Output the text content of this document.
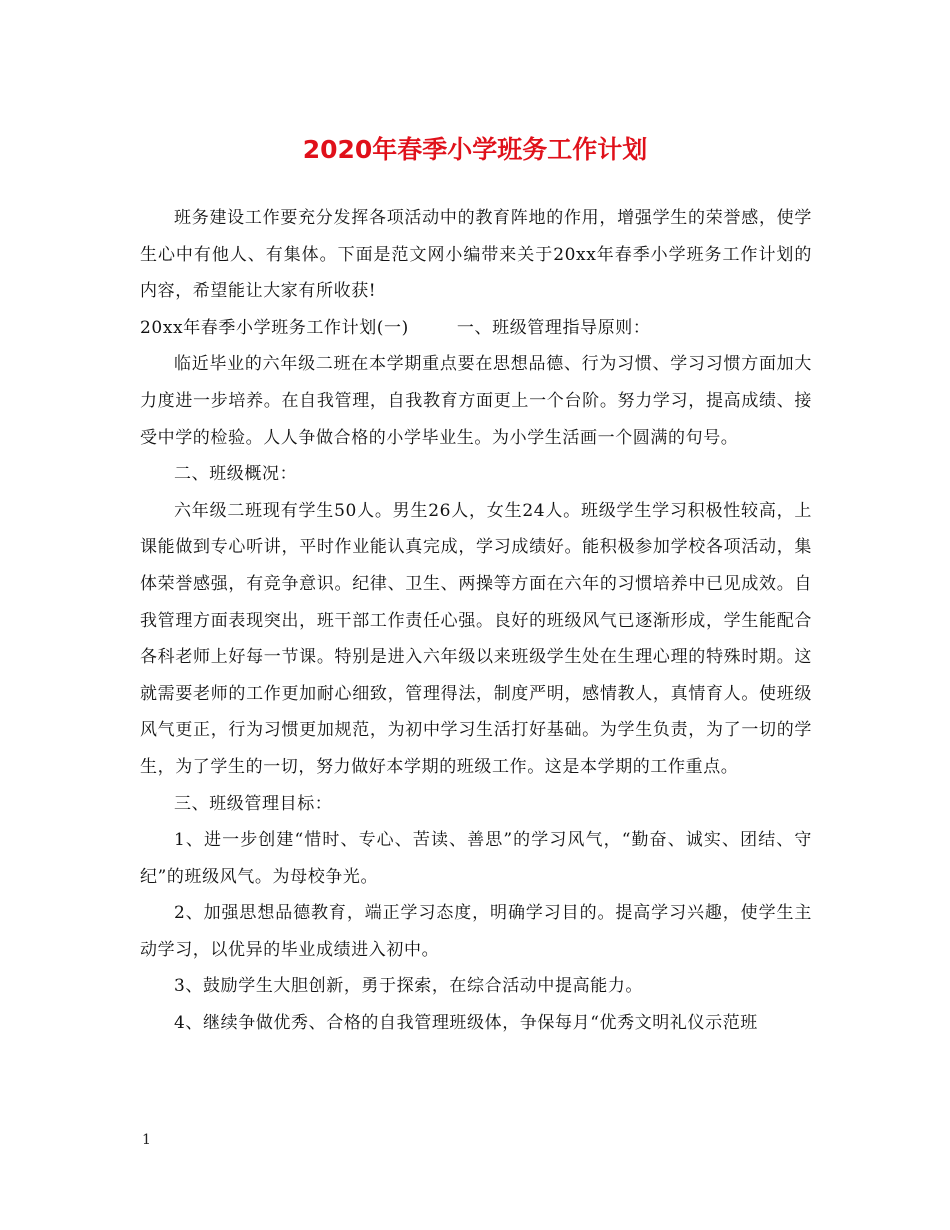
2020年春季小学班务工作计划

班务建设工作要充分发挥各项活动中的教育阵地的作用，增强学生的荣誉感，使学生心中有他人、有集体。下面是范文网小编带来关于20xx年春季小学班务工作计划的内容，希望能让大家有所收获!

20xx年春季小学班务工作计划(一)        一、班级管理指导原则：

临近毕业的六年级二班在本学期重点要在思想品德、行为习惯、学习习惯方面加大力度进一步培养。在自我管理，自我教育方面更上一个台阶。努力学习，提高成绩、接受中学的检验。人人争做合格的小学毕业生。为小学生活画一个圆满的句号。

二、班级概况：

六年级二班现有学生50人。男生26人，女生24人。班级学生学习积极性较高，上课能做到专心听讲，平时作业能认真完成，学习成绩好。能积极参加学校各项活动，集体荣誉感强，有竞争意识。纪律、卫生、两操等方面在六年的习惯培养中已见成效。自我管理方面表现突出，班干部工作责任心强。良好的班级风气已逐渐形成，学生能配合各科老师上好每一节课。特别是进入六年级以来班级学生处在生理心理的特殊时期。这就需要老师的工作更加耐心细致，管理得法，制度严明，感情教人，真情育人。使班级风气更正，行为习惯更加规范，为初中学习生活打好基础。为学生负责，为了一切的学生，为了学生的一切，努力做好本学期的班级工作。这是本学期的工作重点。

三、班级管理目标：

1、进一步创建“惜时、专心、苦读、善思”的学习风气，“勤奋、诚实、团结、守纪”的班级风气。为母校争光。

2、加强思想品德教育，端正学习态度，明确学习目的。提高学习兴趣，使学生主动学习，以优异的毕业成绩进入初中。

3、鼓励学生大胆创新，勇于探索，在综合活动中提高能力。

4、继续争做优秀、合格的自我管理班级体，争保每月“优秀文明礼仪示范班

1
